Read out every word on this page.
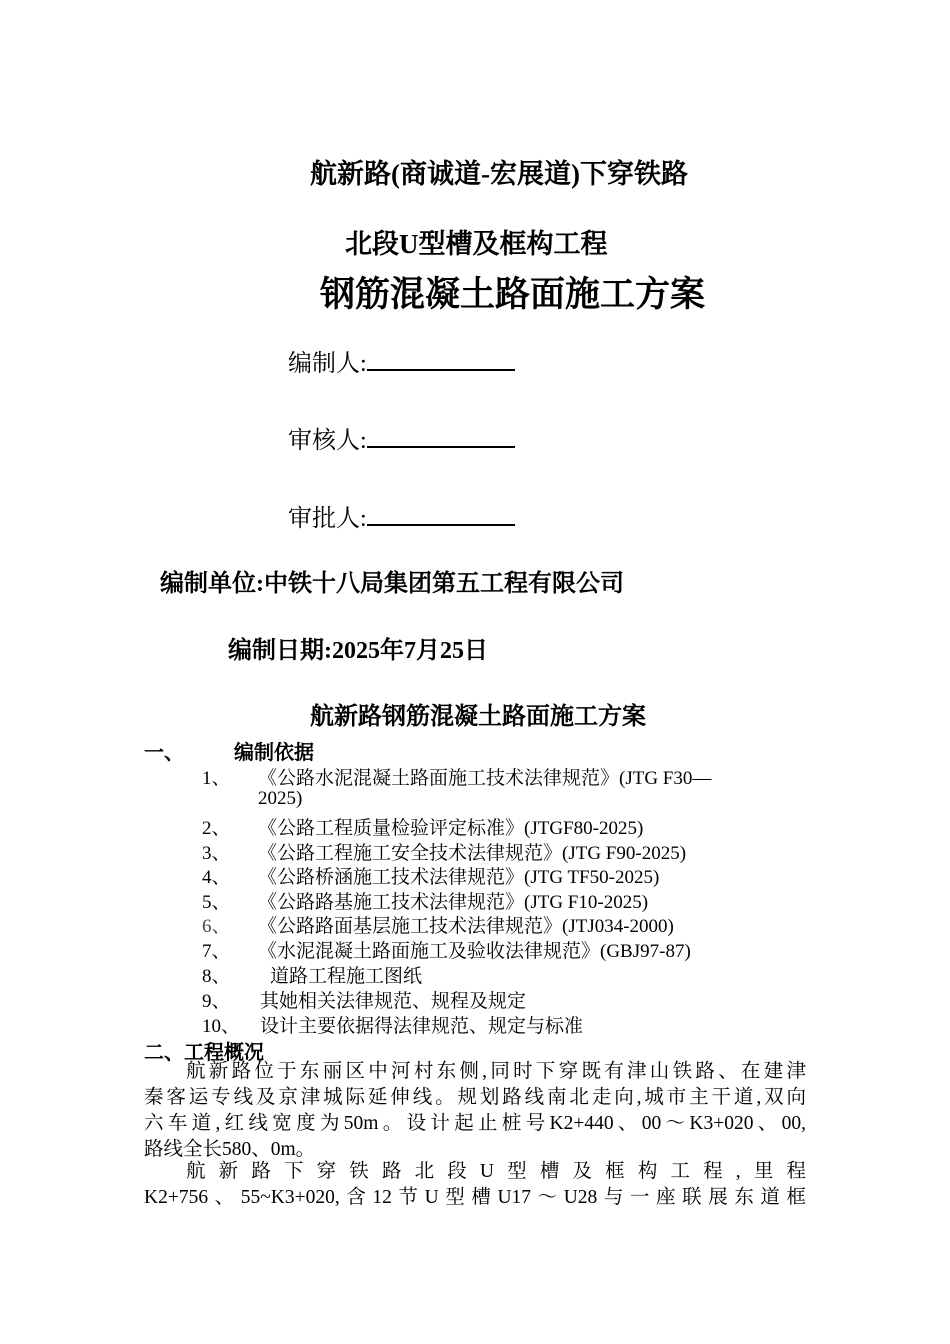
航新路(商诚道-宏展道)下穿铁路
北段U型槽及框构工程
钢筋混凝土路面施工方案
编制人:
审核人:
审批人:
编制单位:中铁十八局集团第五工程有限公司
编制日期:2025年7月25日
航新路钢筋混凝土路面施工方案
一、	编制依据
1、 《公路水泥混凝土路面施工技术法律规范》(JTG F30—
2025)
2、 《公路工程质量检验评定标准》(JTGF80-2025)
3、 《公路工程施工安全技术法律规范》(JTG F90-2025)
4、 《公路桥涵施工技术法律规范》(JTG TF50-2025)
5、 《公路路基施工技术法律规范》(JTG F10-2025)
6、 《公路路面基层施工技术法律规范》(JTJ034-2000)
7、 《水泥混凝土路面施工及验收法律规范》(GBJ97-87)
8、 道路工程施工图纸
9、 其她相关法律规范、规程及规定
10、 设计主要依据得法律规范、规定与标准
二、工程概况
航新路位于东丽区中河村东侧,同时下穿既有津山铁路、在建津
秦客运专线及京津城际延伸线。规划路线南北走向,城市主干道,双向
六车道,红线宽度为50m。设计起止桩号K2+440、00～K3+020、00,
路线全长580、0m。
航新路下穿铁路北段U型槽及框构工程,里程
K2+756、55~K3+020,含12节U型槽U17～U28与一座联展东道框
